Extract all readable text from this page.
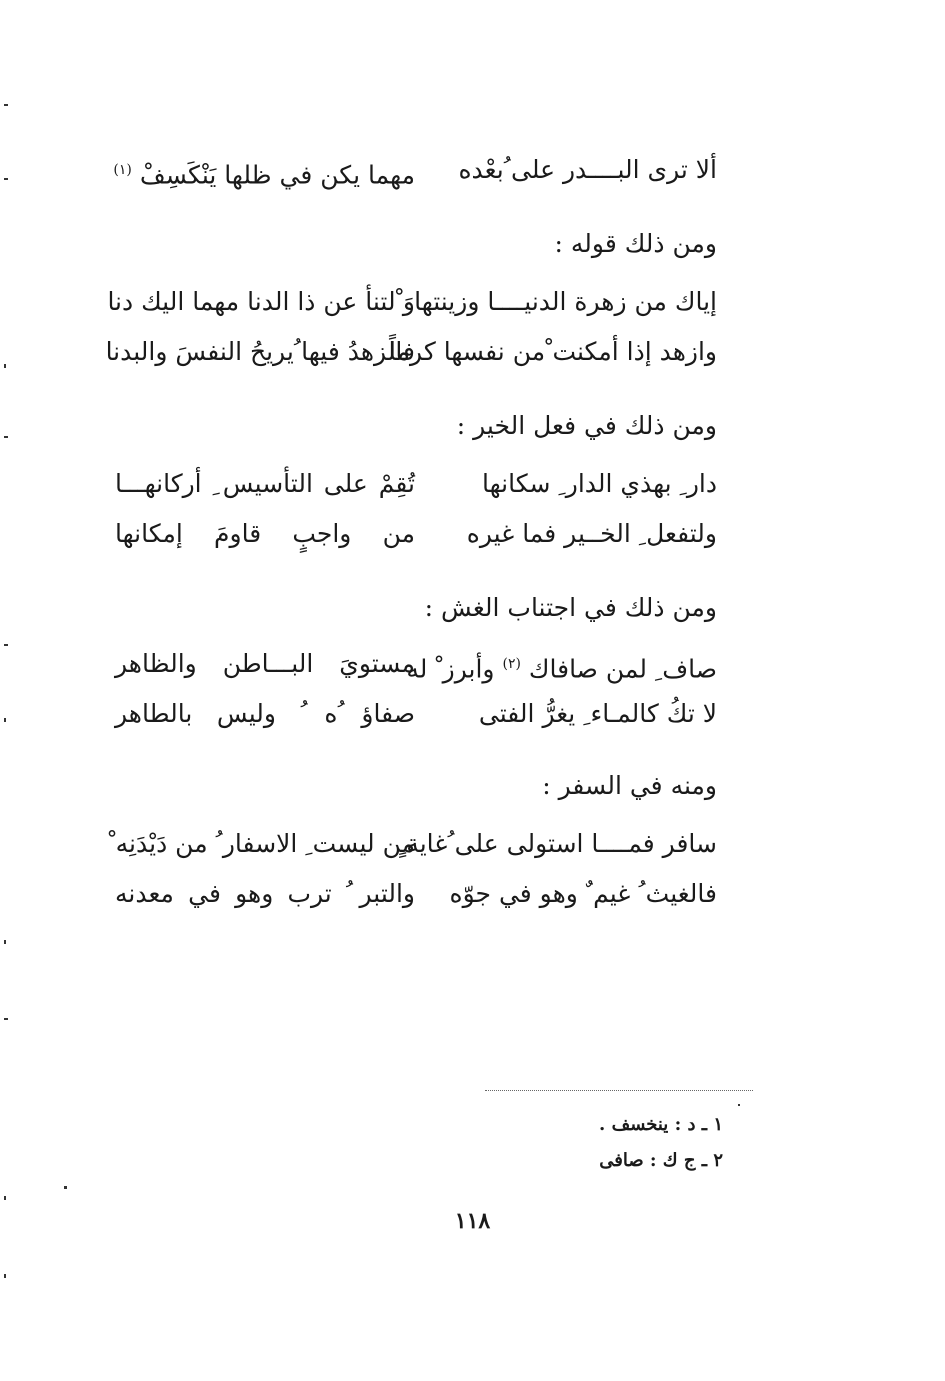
ألا ترى البــــدر على ُبعْده
مهما يكن في ظلها يَنْكَسِفْ $^{(١)}$
ومن ذلك قوله :
إياك من زهرة الدنيــــا وزينتها
وَ ْلتنأ عن ذا الدنا مهما اليك دنا
وازهد إذا أمكنت ْمن نفسها كرماً
فالزهدُ فيها ُيريحُ النفسَ والبدنا
ومن ذلك في فعل الخير :
دار ِ بهذي الدار ِ سكانها
تُقِمْ على التأسيس ِ أركانهـــا
ولتفعل ِ الخــير فما غيره
من واجبٍ قاومَ إمكانها
ومن ذلك في اجتناب الغش :
صاف ِ لمن صافاك $^{(٢)}$ وأبرز ْ له
مستويَ البـــاطن والظاهر
لا تكُ كالمـاء ِ يغرُّ الفتى
صفاؤ ُه ُ وليس بالطاهر
ومنه في السفر :
سافر فمــــا استولى على ُغاية ٍ
من ليست ِ الاسفار ُ من دَيْدَنِه ْ
فالغيث ُ غيم ٌ وهو في جوّه
والتبر ُ ترب وهو في معدنه
١ ـ د : ينخسف .
٢ ـ ج ك : صافى
١١٨
